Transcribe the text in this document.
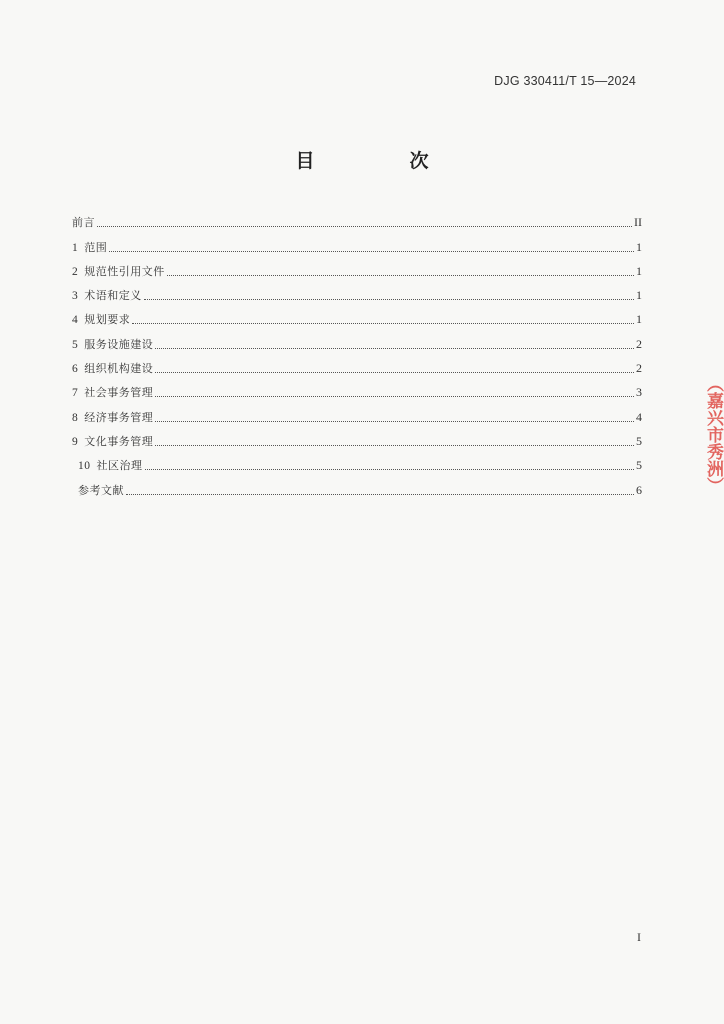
DJG 330411/T 15—2024
目　次
前言	II
1 范围	1
2 规范性引用文件	1
3 术语和定义	1
4 规划要求	1
5 服务设施建设	2
6 组织机构建设	2
7 社会事务管理	3
8 经济事务管理	4
9 文化事务管理	5
10 社区治理	5
参考文献	6
I
（嘉兴市秀洲）
